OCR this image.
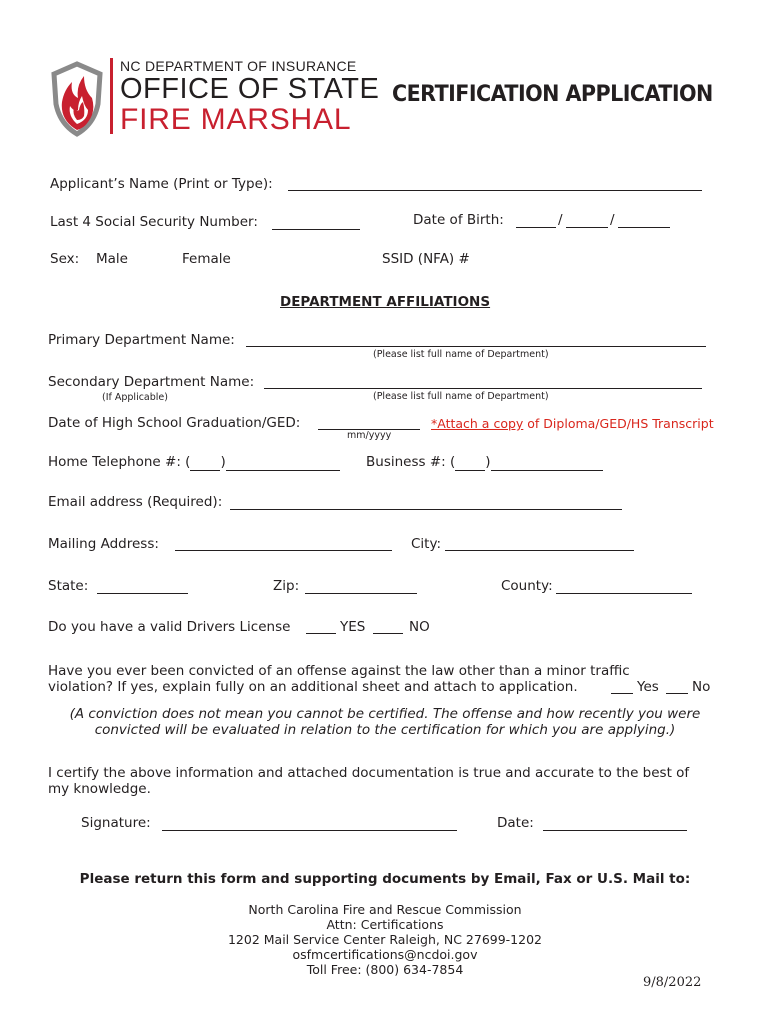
NC DEPARTMENT OF INSURANCE
OFFICE OF STATE
FIRE MARSHAL
CERTIFICATION APPLICATION
Applicant’s Name (Print or Type):
Last 4 Social Security Number:	Date of Birth:	/	/
Sex: Male	Female	SSID (NFA) #
DEPARTMENT AFFILIATIONS
Primary Department Name:
(Please list full name of Department)
Secondary Department Name:
(If Applicable)	(Please list full name of Department)
Date of High School Graduation/GED:
mm/yyyy
*Attach a copy of Diploma/GED/HS Transcript
Home Telephone #: ( )	Business #: ( )
Email address (Required):
Mailing Address:	City:
State:	Zip:	County:
Do you have a valid Drivers License	YES	NO
Have you ever been convicted of an offense against the law other than a minor traffic
violation? If yes, explain fully on an additional sheet and attach to application.	Yes No
(A conviction does not mean you cannot be certified. The offense and how recently you were
convicted will be evaluated in relation to the certification for which you are applying.)
I certify the above information and attached documentation is true and accurate to the best of
my knowledge.
Signature:	Date:
Please return this form and supporting documents by Email, Fax or U.S. Mail to:
North Carolina Fire and Rescue Commission
Attn: Certifications
1202 Mail Service Center Raleigh, NC 27699-1202
osfmcertifications@ncdoi.gov
Toll Free: (800) 634-7854
9/8/2022
